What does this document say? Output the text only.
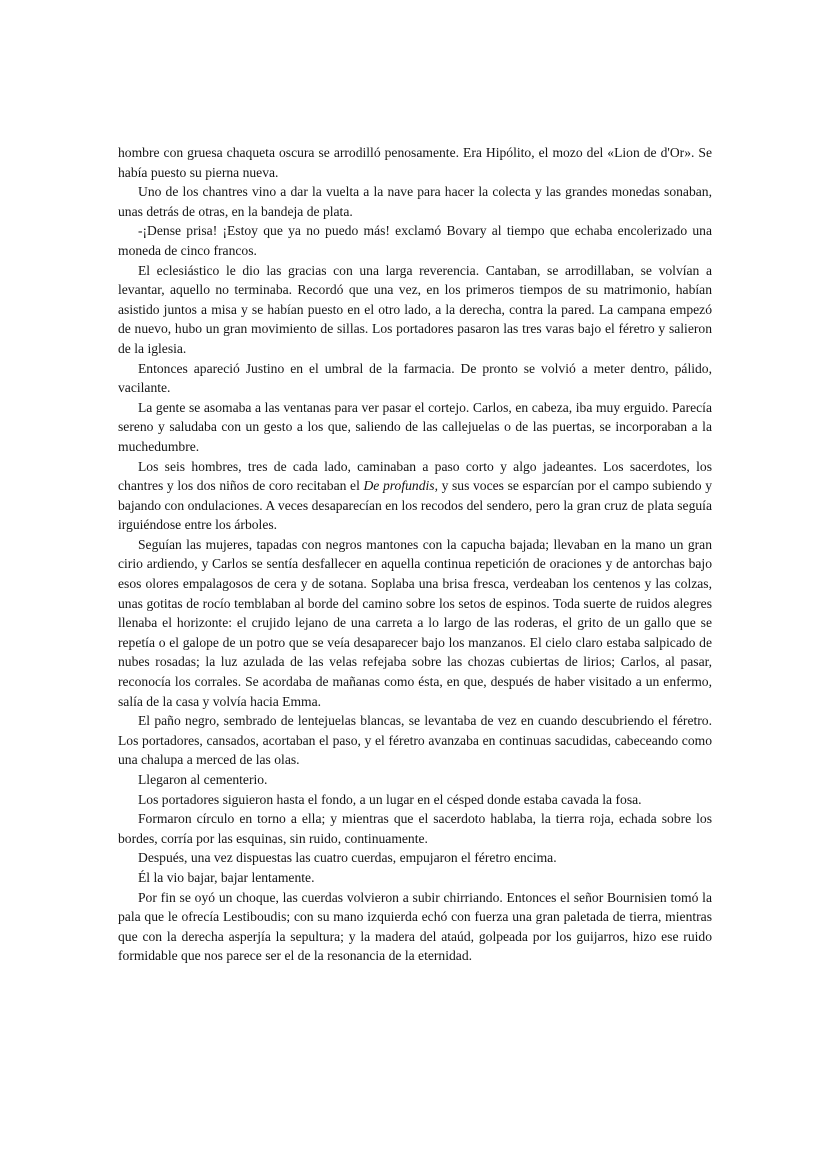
hombre con gruesa chaqueta oscura se arrodilló penosamente. Era Hipólito, el mozo del «Lion de d'Or». Se había puesto su pierna nueva.

Uno de los chantres vino a dar la vuelta a la nave para hacer la colecta y las grandes monedas sonaban, unas detrás de otras, en la bandeja de plata.

-¡Dense prisa! ¡Estoy que ya no puedo más! exclamó Bovary al tiempo que echaba encolerizado una moneda de cinco francos.

El eclesiástico le dio las gracias con una larga reverencia. Cantaban, se arrodillaban, se volvían a levantar, aquello no terminaba. Recordó que una vez, en los primeros tiempos de su matrimonio, habían asistido juntos a misa y se habían puesto en el otro lado, a la derecha, contra la pared. La campana empezó de nuevo, hubo un gran movimiento de sillas. Los portadores pasaron las tres varas bajo el féretro y salieron de la iglesia.

Entonces apareció Justino en el umbral de la farmacia. De pronto se volvió a meter dentro, pálido, vacilante.

La gente se asomaba a las ventanas para ver pasar el cortejo. Carlos, en cabeza, iba muy erguido. Parecía sereno y saludaba con un gesto a los que, saliendo de las callejuelas o de las puertas, se incorporaban a la muchedumbre.

Los seis hombres, tres de cada lado, caminaban a paso corto y algo jadeantes. Los sacerdotes, los chantres y los dos niños de coro recitaban el De profundis, y sus voces se esparcían por el campo subiendo y bajando con ondulaciones. A veces desaparecían en los recodos del sendero, pero la gran cruz de plata seguía irguiéndose entre los árboles.

Seguían las mujeres, tapadas con negros mantones con la capucha bajada; llevaban en la mano un gran cirio ardiendo, y Carlos se sentía desfallecer en aquella continua repetición de oraciones y de antorchas bajo esos olores empalagosos de cera y de sotana. Soplaba una brisa fresca, verdeaban los centenos y las colzas, unas gotitas de rocío temblaban al borde del camino sobre los setos de espinos. Toda suerte de ruidos alegres llenaba el horizonte: el crujido lejano de una carreta a lo largo de las roderas, el grito de un gallo que se repetía o el galope de un potro que se veía desaparecer bajo los manzanos. El cielo claro estaba salpicado de nubes rosadas; la luz azulada de las velas refejaba sobre las chozas cubiertas de lirios; Carlos, al pasar, reconocía los corrales. Se acordaba de mañanas como ésta, en que, después de haber visitado a un enfermo, salía de la casa y volvía hacia Emma.

El paño negro, sembrado de lentejuelas blancas, se levantaba de vez en cuando descubriendo el féretro. Los portadores, cansados, acortaban el paso, y el féretro avanzaba en continuas sacudidas, cabeceando como una chalupa a merced de las olas.

Llegaron al cementerio.

Los portadores siguieron hasta el fondo, a un lugar en el césped donde estaba cavada la fosa.

Formaron círculo en torno a ella; y mientras que el sacerdoto hablaba, la tierra roja, echada sobre los bordes, corría por las esquinas, sin ruido, continuamente.

Después, una vez dispuestas las cuatro cuerdas, empujaron el féretro encima.

Él la vio bajar, bajar lentamente.

Por fin se oyó un choque, las cuerdas volvieron a subir chirriando. Entonces el señor Bournisien tomó la pala que le ofrecía Lestiboudis; con su mano izquierda echó con fuerza una gran paletada de tierra, mientras que con la derecha asperjía la sepultura; y la madera del ataúd, golpeada por los guijarros, hizo ese ruido formidable que nos parece ser el de la resonancia de la eternidad.
